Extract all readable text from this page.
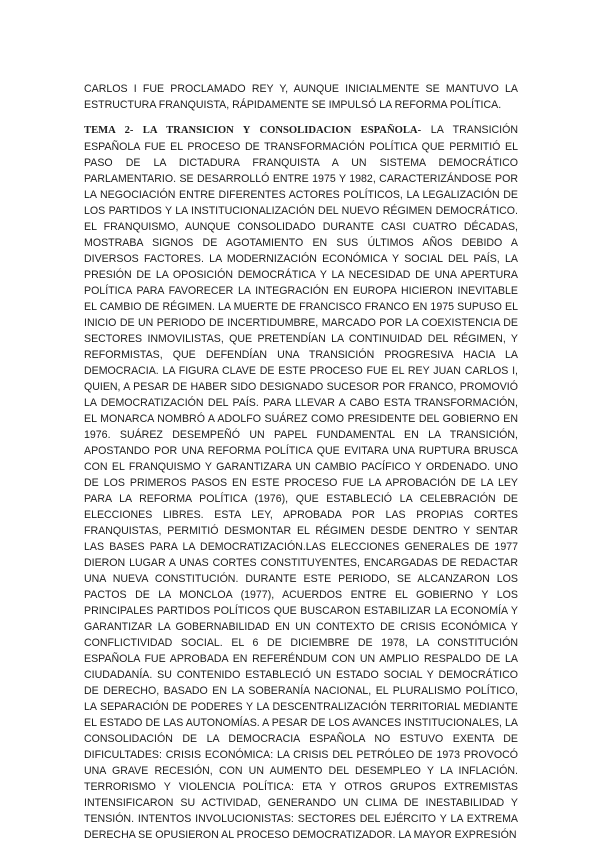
CARLOS I FUE PROCLAMADO REY Y, AUNQUE INICIALMENTE SE MANTUVO LA ESTRUCTURA FRANQUISTA, RÁPIDAMENTE SE IMPULSÓ LA REFORMA POLÍTICA.

TEMA 2- LA TRANSICION Y CONSOLIDACION ESPAÑOLA- LA TRANSICIÓN ESPAÑOLA FUE EL PROCESO DE TRANSFORMACIÓN POLÍTICA QUE PERMITIÓ EL PASO DE LA DICTADURA FRANQUISTA A UN SISTEMA DEMOCRÁTICO PARLAMENTARIO. SE DESARROLLÓ ENTRE 1975 Y 1982, CARACTERIZÁNDOSE POR LA NEGOCIACIÓN ENTRE DIFERENTES ACTORES POLÍTICOS, LA LEGALIZACIÓN DE LOS PARTIDOS Y LA INSTITUCIONALIZACIÓN DEL NUEVO RÉGIMEN DEMOCRÁTICO. EL FRANQUISMO, AUNQUE CONSOLIDADO DURANTE CASI CUATRO DÉCADAS, MOSTRABA SIGNOS DE AGOTAMIENTO EN SUS ÚLTIMOS AÑOS DEBIDO A DIVERSOS FACTORES. LA MODERNIZACIÓN ECONÓMICA Y SOCIAL DEL PAÍS, LA PRESIÓN DE LA OPOSICIÓN DEMOCRÁTICA Y LA NECESIDAD DE UNA APERTURA POLÍTICA PARA FAVORECER LA INTEGRACIÓN EN EUROPA HICIERON INEVITABLE EL CAMBIO DE RÉGIMEN. LA MUERTE DE FRANCISCO FRANCO EN 1975 SUPUSO EL INICIO DE UN PERIODO DE INCERTIDUMBRE, MARCADO POR LA COEXISTENCIA DE SECTORES INMOVILISTAS, QUE PRETENDÍAN LA CONTINUIDAD DEL RÉGIMEN, Y REFORMISTAS, QUE DEFENDÍAN UNA TRANSICIÓN PROGRESIVA HACIA LA DEMOCRACIA. LA FIGURA CLAVE DE ESTE PROCESO FUE EL REY JUAN CARLOS I, QUIEN, A PESAR DE HABER SIDO DESIGNADO SUCESOR POR FRANCO, PROMOVIÓ LA DEMOCRATIZACIÓN DEL PAÍS. PARA LLEVAR A CABO ESTA TRANSFORMACIÓN, EL MONARCA NOMBRÓ A ADOLFO SUÁREZ COMO PRESIDENTE DEL GOBIERNO EN 1976. SUÁREZ DESEMPEÑÓ UN PAPEL FUNDAMENTAL EN LA TRANSICIÓN, APOSTANDO POR UNA REFORMA POLÍTICA QUE EVITARA UNA RUPTURA BRUSCA CON EL FRANQUISMO Y GARANTIZARA UN CAMBIO PACÍFICO Y ORDENADO. UNO DE LOS PRIMEROS PASOS EN ESTE PROCESO FUE LA APROBACIÓN DE LA LEY PARA LA REFORMA POLÍTICA (1976), QUE ESTABLECIÓ LA CELEBRACIÓN DE ELECCIONES LIBRES. ESTA LEY, APROBADA POR LAS PROPIAS CORTES FRANQUISTAS, PERMITIÓ DESMONTAR EL RÉGIMEN DESDE DENTRO Y SENTAR LAS BASES PARA LA DEMOCRATIZACIÓN.LAS ELECCIONES GENERALES DE 1977 DIERON LUGAR A UNAS CORTES CONSTITUYENTES, ENCARGADAS DE REDACTAR UNA NUEVA CONSTITUCIÓN. DURANTE ESTE PERIODO, SE ALCANZARON LOS PACTOS DE LA MONCLOA (1977), ACUERDOS ENTRE EL GOBIERNO Y LOS PRINCIPALES PARTIDOS POLÍTICOS QUE BUSCARON ESTABILIZAR LA ECONOMÍA Y GARANTIZAR LA GOBERNABILIDAD EN UN CONTEXTO DE CRISIS ECONÓMICA Y CONFLICTIVIDAD SOCIAL. EL 6 DE DICIEMBRE DE 1978, LA CONSTITUCIÓN ESPAÑOLA FUE APROBADA EN REFERÉNDUM CON UN AMPLIO RESPALDO DE LA CIUDADANÍA. SU CONTENIDO ESTABLECIÓ UN ESTADO SOCIAL Y DEMOCRÁTICO DE DERECHO, BASADO EN LA SOBERANÍA NACIONAL, EL PLURALISMO POLÍTICO, LA SEPARACIÓN DE PODERES Y LA DESCENTRALIZACIÓN TERRITORIAL MEDIANTE EL ESTADO DE LAS AUTONOMÍAS. A PESAR DE LOS AVANCES INSTITUCIONALES, LA CONSOLIDACIÓN DE LA DEMOCRACIA ESPAÑOLA NO ESTUVO EXENTA DE DIFICULTADES: CRISIS ECONÓMICA: LA CRISIS DEL PETRÓLEO DE 1973 PROVOCÓ UNA GRAVE RECESIÓN, CON UN AUMENTO DEL DESEMPLEO Y LA INFLACIÓN. TERRORISMO Y VIOLENCIA POLÍTICA: ETA Y OTROS GRUPOS EXTREMISTAS INTENSIFICARON SU ACTIVIDAD, GENERANDO UN CLIMA DE INESTABILIDAD Y TENSIÓN. INTENTOS INVOLUCIONISTAS: SECTORES DEL EJÉRCITO Y LA EXTREMA DERECHA SE OPUSIERON AL PROCESO DEMOCRATIZADOR. LA MAYOR EXPRESIÓN
